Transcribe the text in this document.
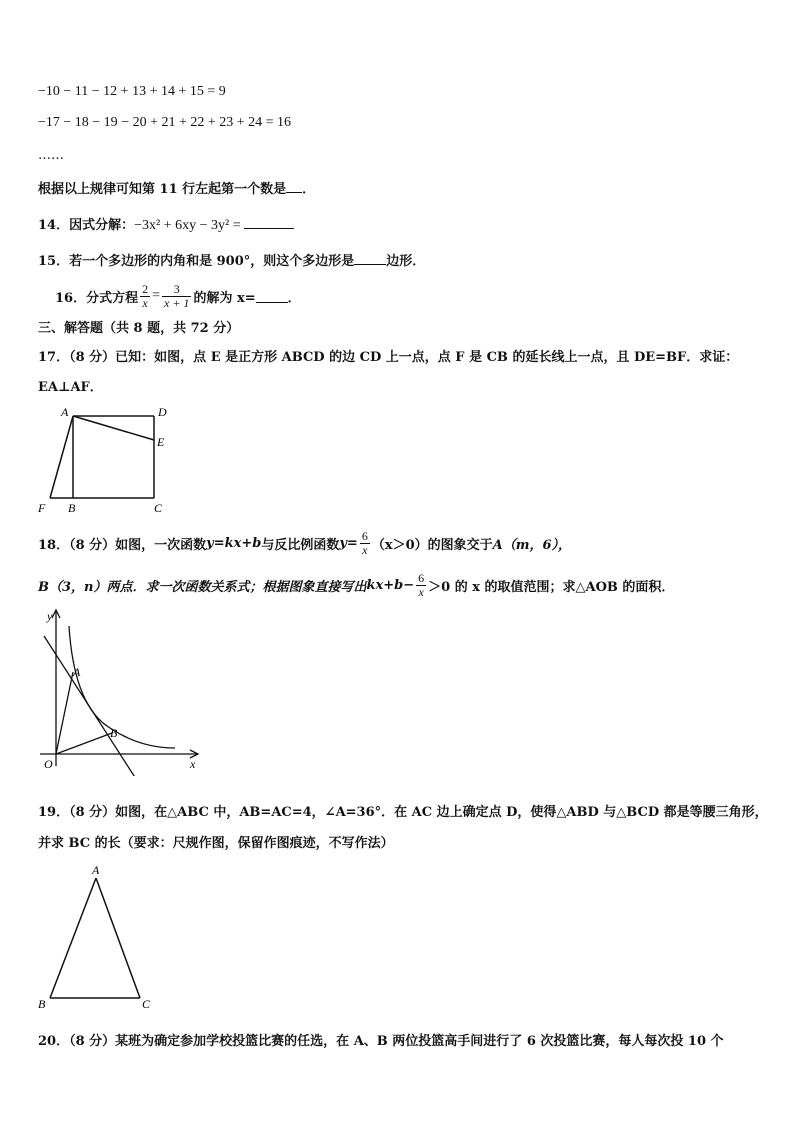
−10 − 11 − 12 + 13 + 14 + 15 = 9
−17 − 18 − 19 − 20 + 21 + 22 + 23 + 24 = 16
……
根据以上规律可知第 11 行左起第一个数是 ．
14．因式分解：−3x² + 6xy − 3y² =
15．若一个多边形的内角和是 900°，则这个多边形是 边形．
16．分式方程 $\frac{2}{x} = \frac{3}{x + 1}$ 的解为 x= ．
三、解答题（共 8 题，共 72 分）
17．（8 分）已知：如图，点 E 是正方形 ABCD 的边 CD 上一点，点 F 是 CB 的延长线上一点，且 DE=BF．求证：
EA⊥AF．
A	D
E
F B	C
18．（8 分）如图，一次函数 y=kx+b 与反比例函数 $y= \frac{6}{x} (x>0)$的图象交于 A（m，6），
B（3，n）两点．求一次函数关系式；根据图象直接写出 $kx+b- \frac{6}{x} >0$ 的 x 的取值范围；求△AOB 的面积．
y
x
O
A
B
19．（8 分）如图，在△ABC 中，AB=AC=4，∠A=36°．在 AC 边上确定点 D，使得△ABD 与△BCD 都是等腰三角形，
并求 BC 的长（要求：尺规作图，保留作图痕迹，不写作法）
A
B	C
20．（8 分）某班为确定参加学校投篮比赛的任选，在 A、B 两位投篮高手间进行了 6 次投篮比赛，每人每次投 10 个
